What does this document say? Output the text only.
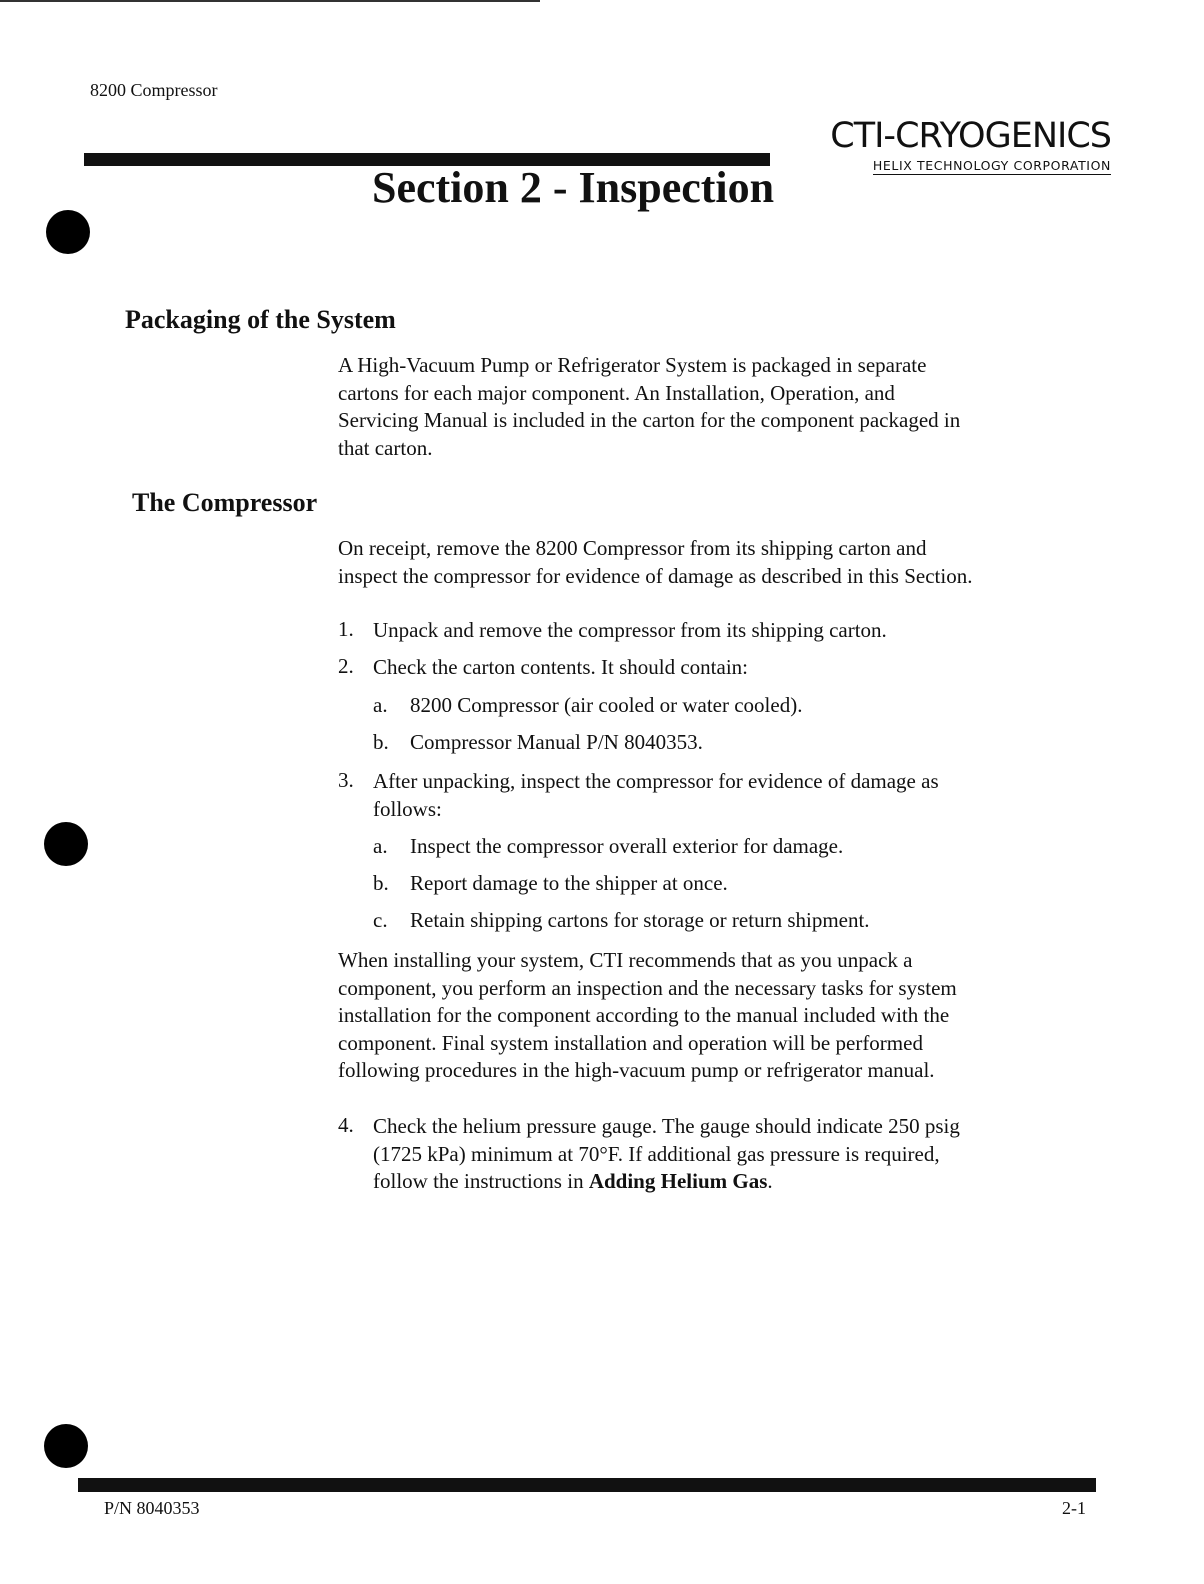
8200 Compressor
CTI-CRYOGENICS
HELIX TECHNOLOGY CORPORATION
Section 2 - Inspection
Packaging of the System
A High-Vacuum Pump or Refrigerator System is packaged in separate
cartons for each major component. An Installation, Operation, and
Servicing Manual is included in the carton for the component packaged in
that carton.
The Compressor
On receipt, remove the 8200 Compressor from its shipping carton and
inspect the compressor for evidence of damage as described in this Section.
1. Unpack and remove the compressor from its shipping carton.
2. Check the carton contents. It should contain:
a. 8200 Compressor (air cooled or water cooled).
b. Compressor Manual P/N 8040353.
3. After unpacking, inspect the compressor for evidence of damage as
follows:
a. Inspect the compressor overall exterior for damage.
b. Report damage to the shipper at once.
c. Retain shipping cartons for storage or return shipment.
When installing your system, CTI recommends that as you unpack a
component, you perform an inspection and the necessary tasks for system
installation for the component according to the manual included with the
component. Final system installation and operation will be performed
following procedures in the high-vacuum pump or refrigerator manual.
4. Check the helium pressure gauge. The gauge should indicate 250 psig
(1725 kPa) minimum at 70°F. If additional gas pressure is required,
follow the instructions in Adding Helium Gas.
P/N 8040353	2-1
